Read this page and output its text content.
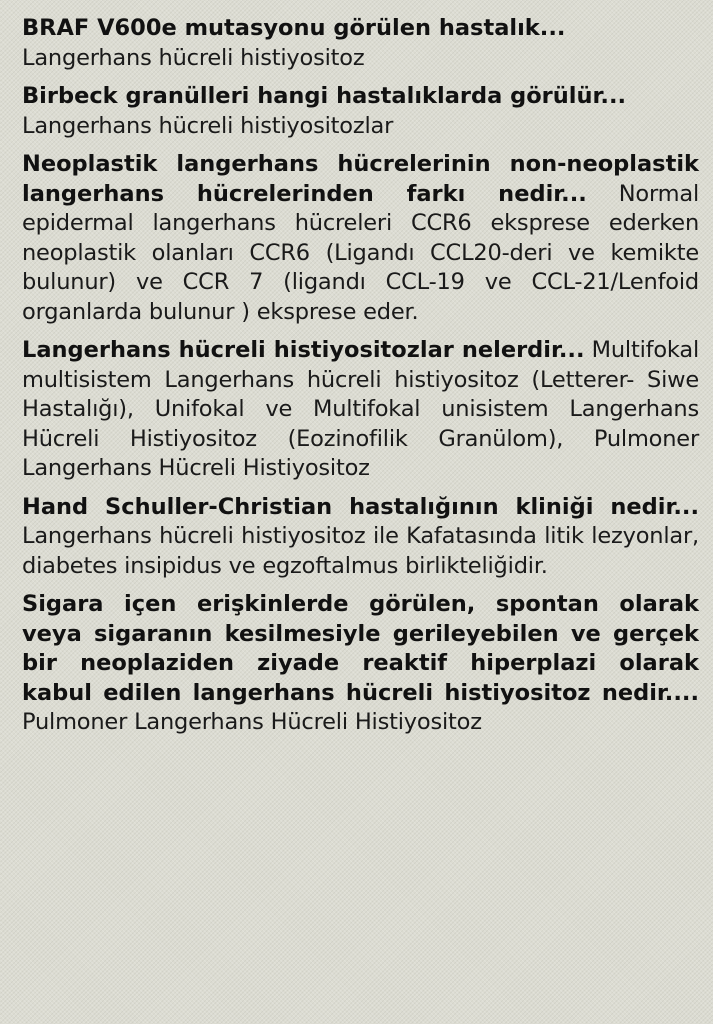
BRAF V600e mutasyonu görülen hastalık...
Langerhans hücreli histiyositoz

Birbeck granülleri hangi hastalıklarda görülür...
Langerhans hücreli histiyositozlar

Neoplastik langerhans hücrelerinin non-neoplastik langerhans hücrelerinden farkı nedir... Normal epidermal langerhans hücreleri CCR6 eksprese ederken neoplastik olanları CCR6 (Ligandı CCL20-deri ve kemikte bulunur) ve CCR 7 (ligandı CCL-19 ve CCL-21/Lenfoid organlarda bulunur ) eksprese eder.

Langerhans hücreli histiyositozlar nelerdir... Multifokal multisistem Langerhans hücreli histiyositoz (Letterer- Siwe Hastalığı), Unifokal ve Multifokal unisistem Langerhans Hücreli Histiyositoz (Eozinofilik Granülom), Pulmoner Langerhans Hücreli Histiyositoz

Hand Schuller-Christian hastalığının kliniği nedir... Langerhans hücreli histiyositoz ile Kafatasında litik lezyonlar, diabetes insipidus ve egzoftalmus birlikteliğidir.

Sigara içen erişkinlerde görülen, spontan olarak veya sigaranın kesilmesiyle gerileyebilen ve gerçek bir neoplaziden ziyade reaktif hiperplazi olarak kabul edilen langerhans hücreli histiyositoz nedir.... Pulmoner Langerhans Hücreli Histiyositoz
